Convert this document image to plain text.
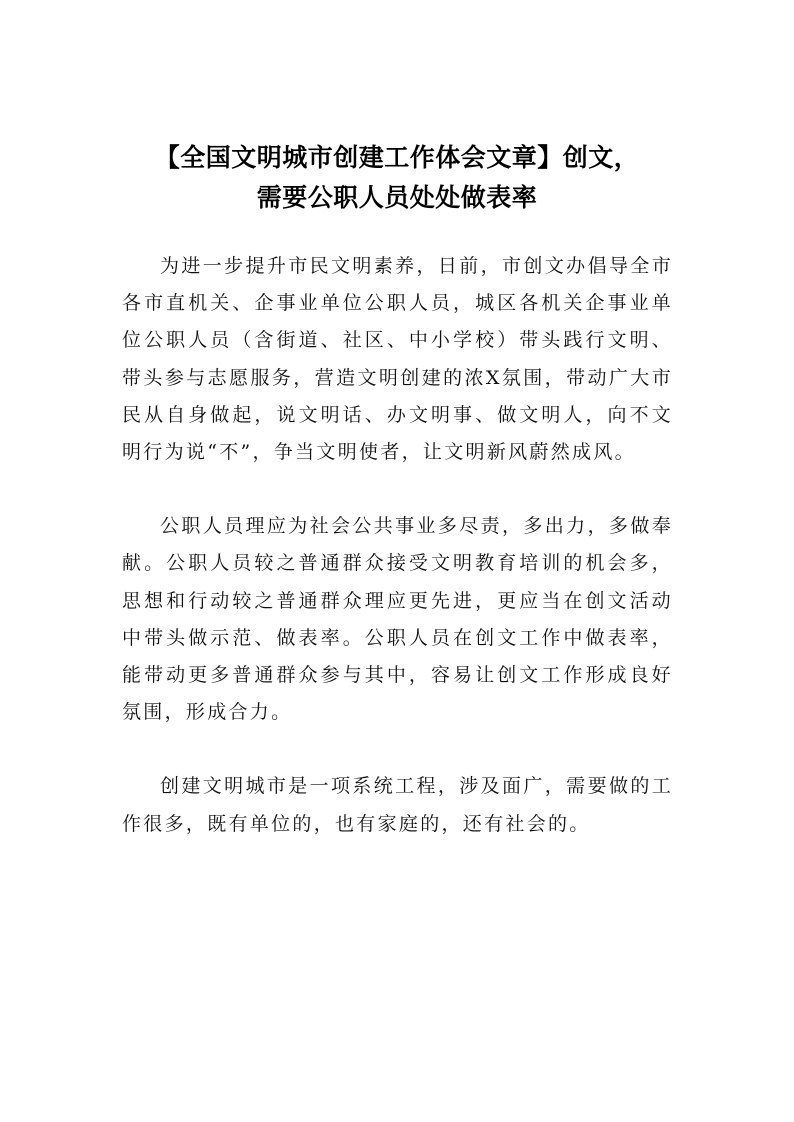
【全国文明城市创建工作体会文章】创文，
需要公职人员处处做表率

为进一步提升市民文明素养，日前，市创文办倡导全市各市直机关、企事业单位公职人员，城区各机关企事业单位公职人员（含街道、社区、中小学校）带头践行文明、带头参与志愿服务，营造文明创建的浓X氛围，带动广大市民从自身做起，说文明话、办文明事、做文明人，向不文明行为说“不”，争当文明使者，让文明新风蔚然成风。

公职人员理应为社会公共事业多尽责，多出力，多做奉献。公职人员较之普通群众接受文明教育培训的机会多，思想和行动较之普通群众理应更先进，更应当在创文活动中带头做示范、做表率。公职人员在创文工作中做表率，能带动更多普通群众参与其中，容易让创文工作形成良好氛围，形成合力。

创建文明城市是一项系统工程，涉及面广，需要做的工作很多，既有单位的，也有家庭的，还有社会的。
